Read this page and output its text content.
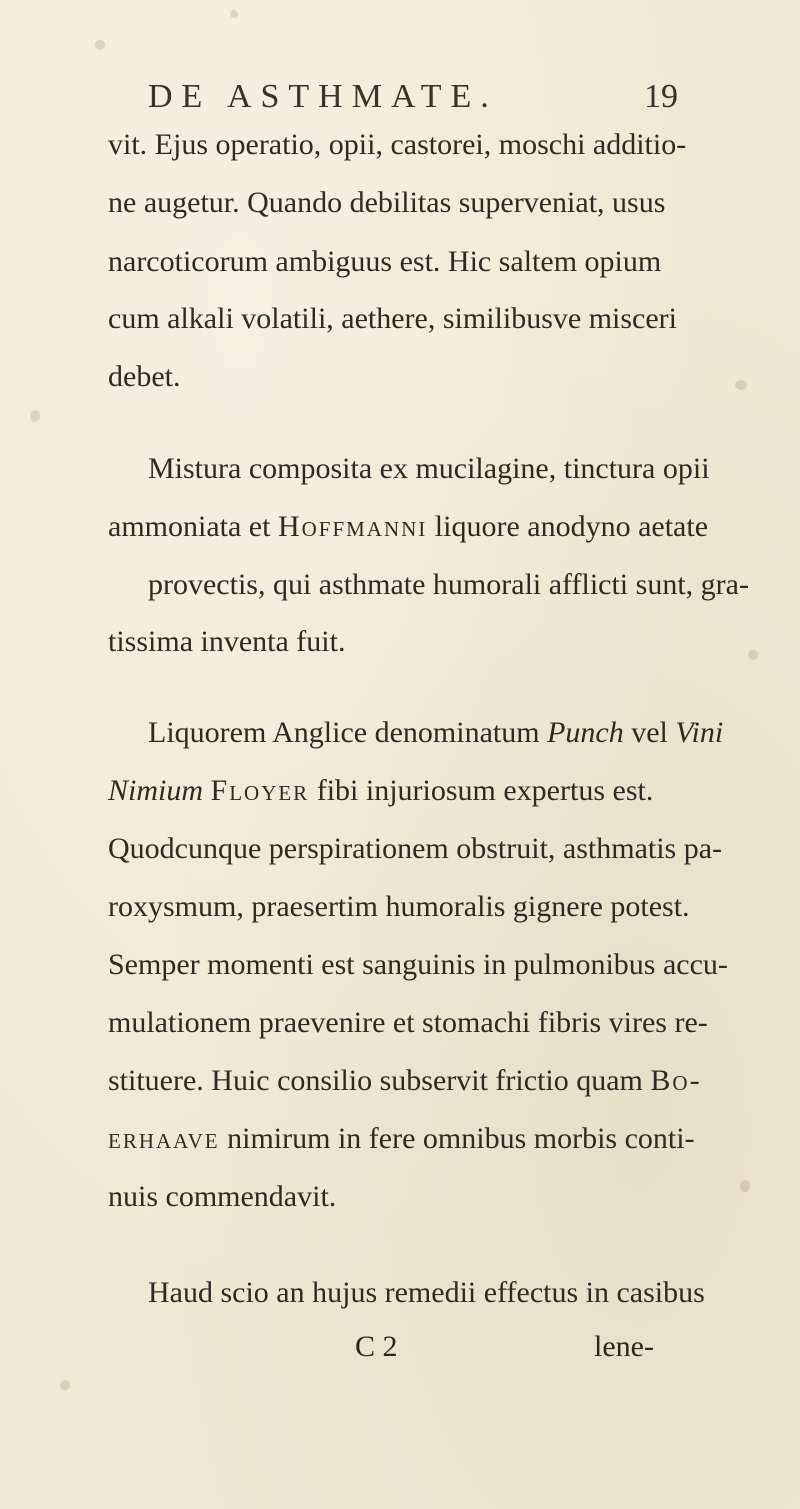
DE ASTHMATE.	19
vit. Ejus operatio, opii, castorei, moschi additio-
ne augetur. Quando debilitas superveniat, usus
narcoticorum ambiguus est. Hic saltem opium
cum alkali volatili, aethere, similibusve misceri
debet.
Mistura composita ex mucilagine, tinctura opii
ammoniata et Hoffmanni liquore anodyno aetate
provectis, qui asthmate humorali afflicti sunt, gra-
tissima inventa fuit.
Liquorem Anglice denominatum Punch vel Vini
Nimium Floyer fibi injuriosum expertus est.
Quodcunque perspirationem obstruit, asthmatis pa-
roxysmum, praesertim humoralis gignere potest.
Semper momenti est sanguinis in pulmonibus accu-
mulationem praevenire et stomachi fibris vires re-
stituere. Huic consilio subservit frictio quam Bo-
erhaave nimirum in fere omnibus morbis conti-
nuis commendavit.
Haud scio an hujus remedii effectus in casibus
C 2	lene-
